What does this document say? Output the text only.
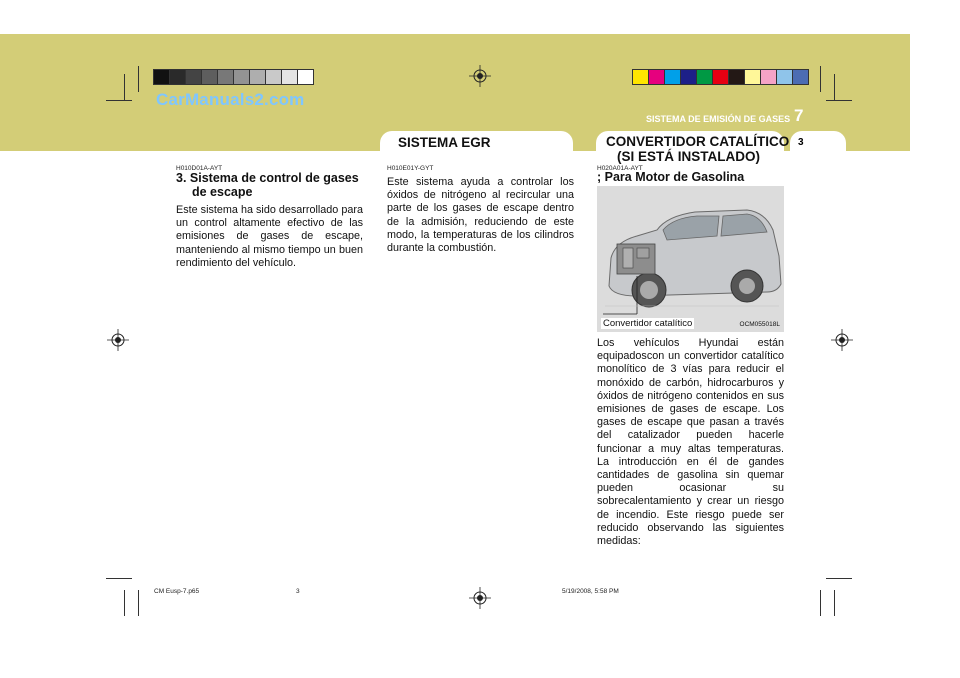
CarManuals2.com
SISTEMA DE EMISIÓN DE GASES 7
SISTEMA EGR	CONVERTIDOR CATALÍTICO
(SI ESTÁ INSTALADO)
3
H010D01A-AYT
3. Sistema de control de gases
de escape
Este sistema ha sido desarrollado para un control altamente efectivo de las emisiones de gases de escape, manteniendo al mismo tiempo un buen rendimiento del vehículo.
H010E01Y-GYT
Este sistema ayuda a controlar los óxidos de nitrógeno al recircular una parte de los gases de escape dentro de la admisión, reduciendo de este modo, la temperaturas de los cilindros durante la combustión.
H020A01A-AYT
; Para Motor de Gasolina
Convertidor catalítico	OCM055018L
Los vehículos Hyundai están equipadoscon un convertidor catalítico monolítico de 3 vías para reducir el monóxido de carbón, hidrocarburos y óxidos de nitrógeno contenidos en sus emisiones de gases de escape. Los gases de escape que pasan a través del catalizador pueden hacerle funcionar a muy altas temperaturas. La introducción en él de gandes cantidades de gasolina sin quemar pueden ocasionar su sobrecalentamiento y crear un riesgo de incendio. Este riesgo puede ser reducido observando las siguientes medidas:
CM Eusp-7.p65	3	5/19/2008, 5:58 PM
